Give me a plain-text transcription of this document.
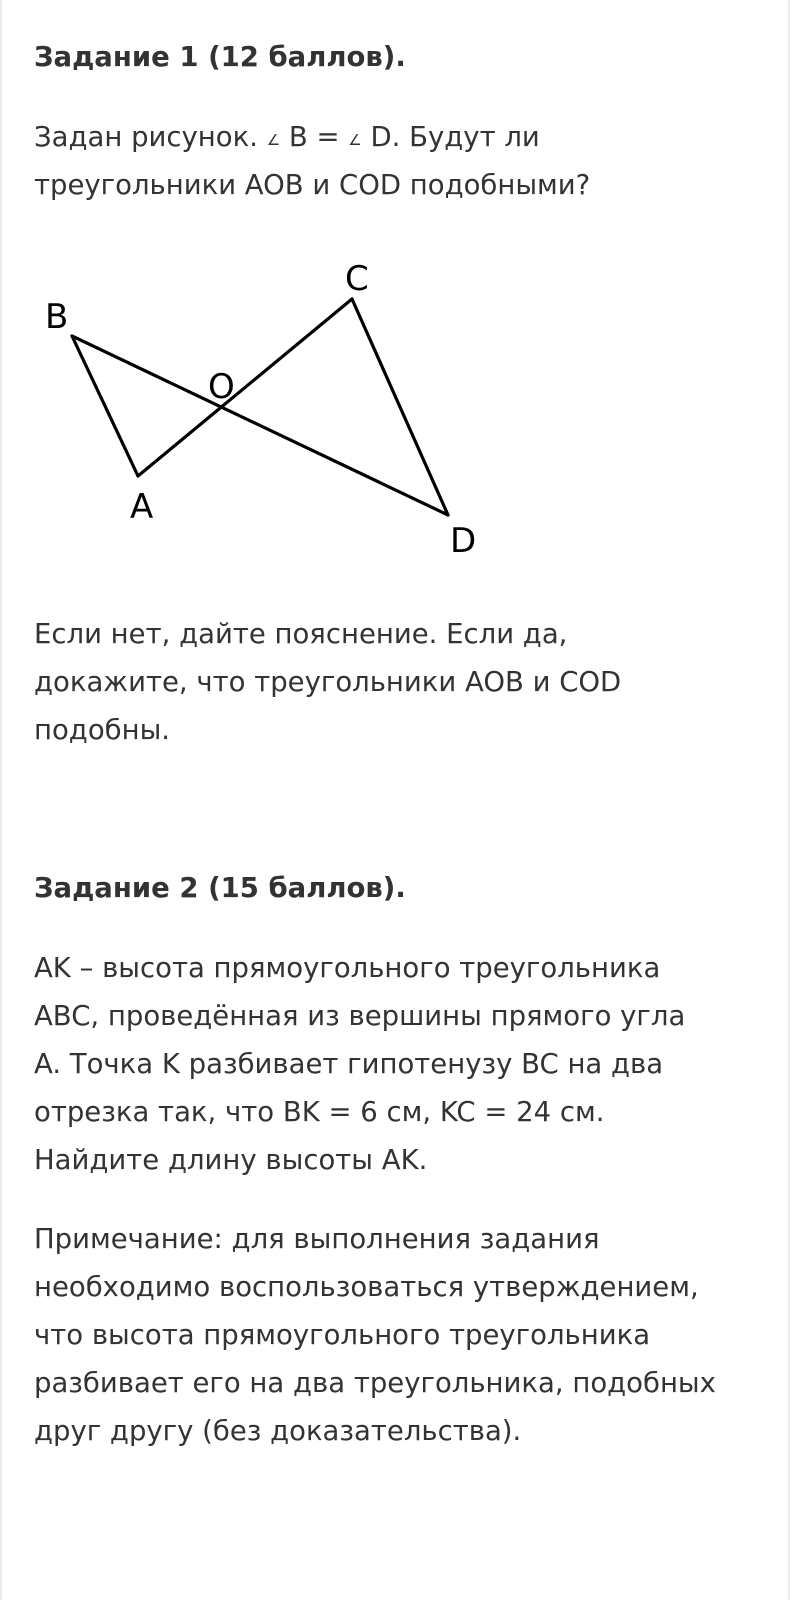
Задание 1 (12 баллов).
Задан рисунок. ∠ B = ∠ D. Будут ли
треугольники AOB и COD подобными?
Если нет, дайте пояснение. Если да,
докажите, что треугольники AOB и COD
подобны.
Задание 2 (15 баллов).
AK – высота прямоугольного треугольника
ABC, проведённая из вершины прямого угла
A. Точка K разбивает гипотенузу BC на два
отрезка так, что BK = 6 см, KC = 24 см.
Найдите длину высоты AK.
Примечание: для выполнения задания
необходимо воспользоваться утверждением,
что высота прямоугольного треугольника
разбивает его на два треугольника, подобных
друг другу (без доказательства).
B
O
C
A
D
